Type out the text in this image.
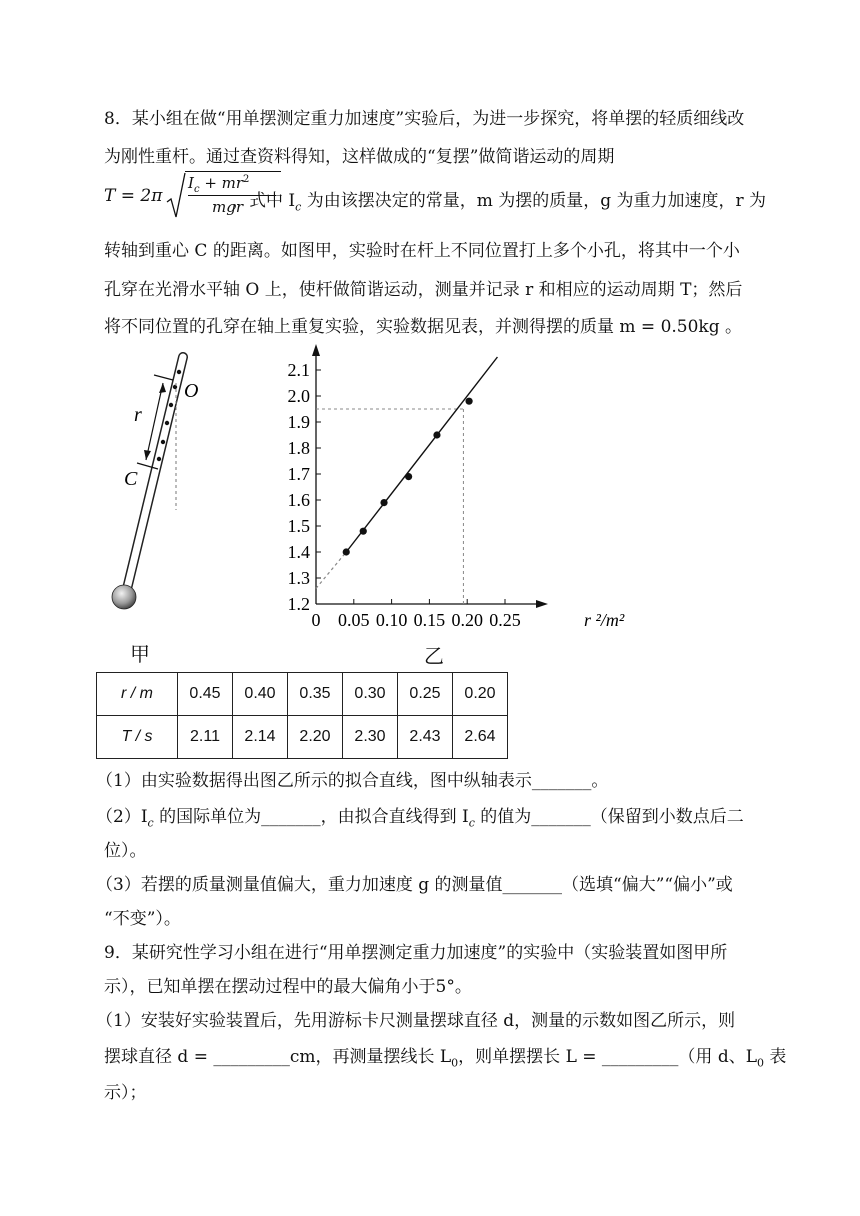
8．某小组在做“用单摆测定重力加速度”实验后，为进一步探究，将单摆的轻质细线改
为刚性重杆。通过查资料得知，这样做成的“复摆”做简谐运动的周期
T = 2π
$I_c + mr^2$
mgr
，式中 $I_c$ 为由该摆决定的常量，m 为摆的质量，g 为重力加速度，r 为
转轴到重心 C 的距离。如图甲，实验时在杆上不同位置打上多个小孔，将其中一个小
孔穿在光滑水平轴 O 上，使杆做简谐运动，测量并记录 r 和相应的运动周期 T；然后
将不同位置的孔穿在轴上重复实验，实验数据见表，并测得摆的质量 m = 0.50kg 。
r
O
C
甲
0 0.05 0.10 0.15 0.20 0.25
1.2
1.3
1.4
1.5
1.6
1.7
1.8
1.9
2.0
2.1
r ²/m²
乙
r / m	0.45	0.40	0.35	0.30	0.25	0.20
T / s	2.11	2.14	2.20	2.30	2.43	2.64
（1）由实验数据得出图乙所示的拟合直线，图中纵轴表示_______。
$(2)I_c$ 的国际单位为_______，由拟合直线得到 $I_c$ 的值为_______（保留到小数点后二
位）。
（3）若摆的质量测量值偏大，重力加速度 g 的测量值_______（选填“偏大”“偏小”或
“不变”）。
9．某研究性学习小组在进行“用单摆测定重力加速度”的实验中（实验装置如图甲所
示），已知单摆在摆动过程中的最大偏角小于5°。
（1）安装好实验装置后，先用游标卡尺测量摆球直径 d，测量的示数如图乙所示，则
摆球直径 d = _________cm，再测量摆线长 $L_0$，则单摆摆长 L = _________（用 d、$L_0$ 表
示）；
